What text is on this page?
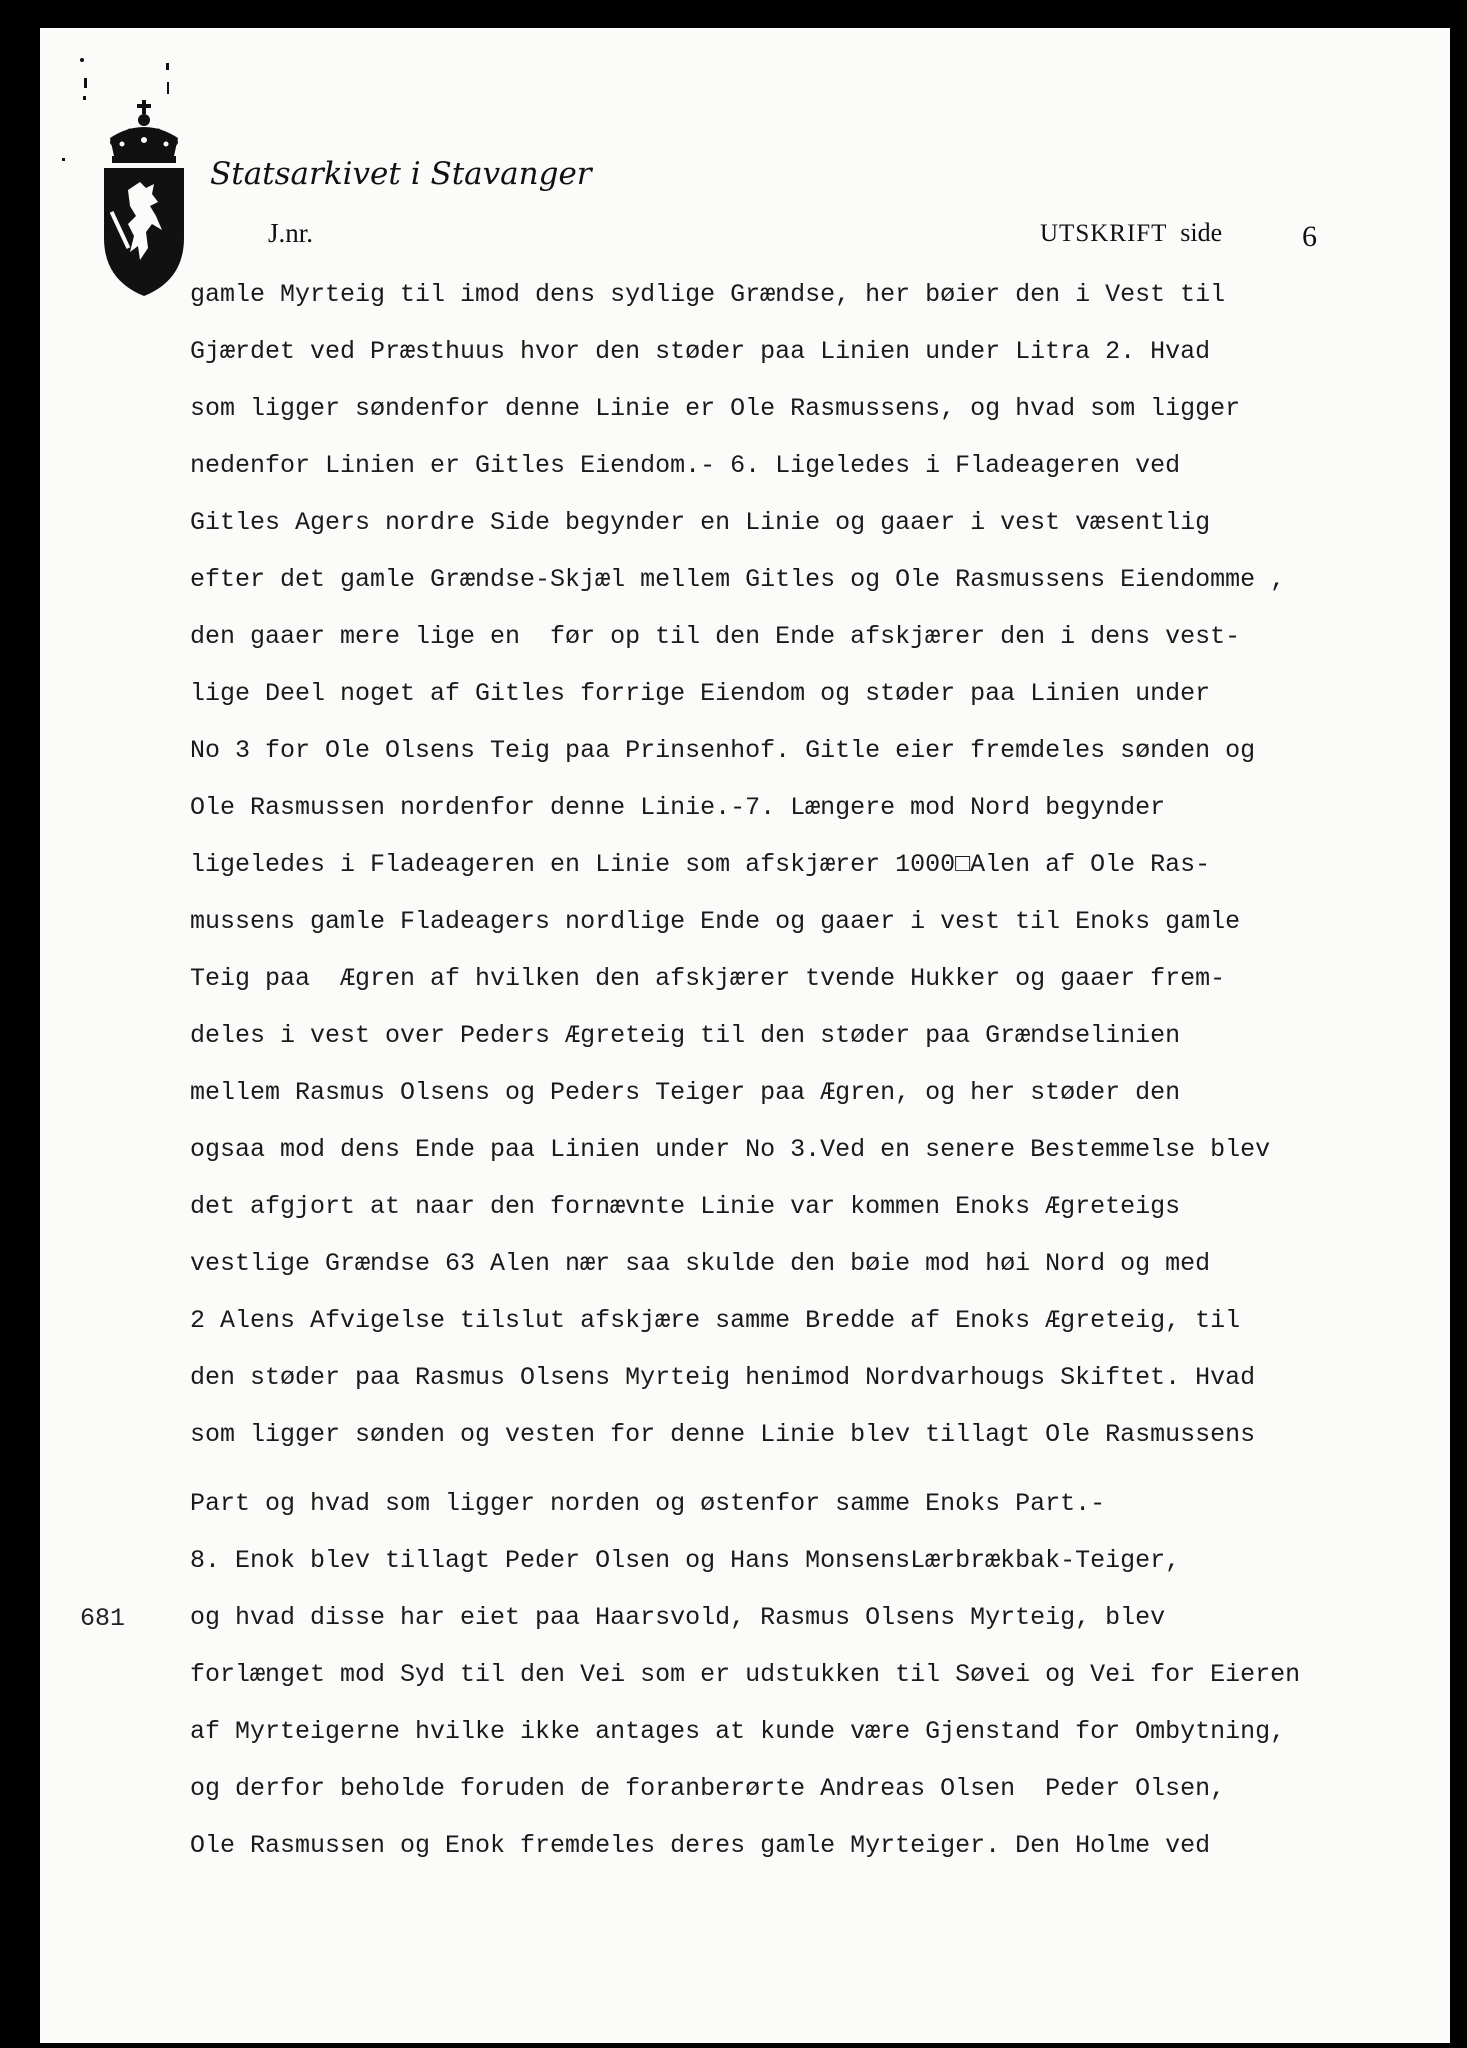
Statsarkivet i Stavanger
J.nr.	UTSKRIFT side	6
681
gamle Myrteig til imod dens sydlige Grændse, her bøier den i Vest til
Gjærdet ved Præsthuus hvor den støder paa Linien under Litra 2. Hvad
som ligger søndenfor denne Linie er Ole Rasmussens, og hvad som ligger
nedenfor Linien er Gitles Eiendom.- 6. Ligeledes i Fladeageren ved
Gitles Agers nordre Side begynder en Linie og gaaer i vest væsentlig
efter det gamle Grændse-Skjæl mellem Gitles og Ole Rasmussens Eiendomme ,
den gaaer mere lige en  før op til den Ende afskjærer den i dens vest-
lige Deel noget af Gitles forrige Eiendom og støder paa Linien under
No 3 for Ole Olsens Teig paa Prinsenhof. Gitle eier fremdeles sønden og
Ole Rasmussen nordenfor denne Linie.-7. Længere mod Nord begynder
ligeledes i Fladeageren en Linie som afskjærer 1000□Alen af Ole Ras-
mussens gamle Fladeagers nordlige Ende og gaaer i vest til Enoks gamle
Teig paa  Ægren af hvilken den afskjærer tvende Hukker og gaaer frem-
deles i vest over Peders Ægreteig til den støder paa Grændselinien
mellem Rasmus Olsens og Peders Teiger paa Ægren, og her støder den
ogsaa mod dens Ende paa Linien under No 3.Ved en senere Bestemmelse blev
det afgjort at naar den fornævnte Linie var kommen Enoks Ægreteigs
vestlige Grændse 63 Alen nær saa skulde den bøie mod høi Nord og med
2 Alens Afvigelse tilslut afskjære samme Bredde af Enoks Ægreteig, til
den støder paa Rasmus Olsens Myrteig henimod Nordvarhougs Skiftet. Hvad
som ligger sønden og vesten for denne Linie blev tillagt Ole Rasmussens
Part og hvad som ligger norden og østenfor samme Enoks Part.-
8. Enok blev tillagt Peder Olsen og Hans MonsensLærbrækbak-Teiger,
og hvad disse har eiet paa Haarsvold, Rasmus Olsens Myrteig, blev
forlænget mod Syd til den Vei som er udstukken til Søvei og Vei for Eieren
af Myrteigerne hvilke ikke antages at kunde være Gjenstand for Ombytning,
og derfor beholde foruden de foranberørte Andreas Olsen  Peder Olsen,
Ole Rasmussen og Enok fremdeles deres gamle Myrteiger. Den Holme ved
